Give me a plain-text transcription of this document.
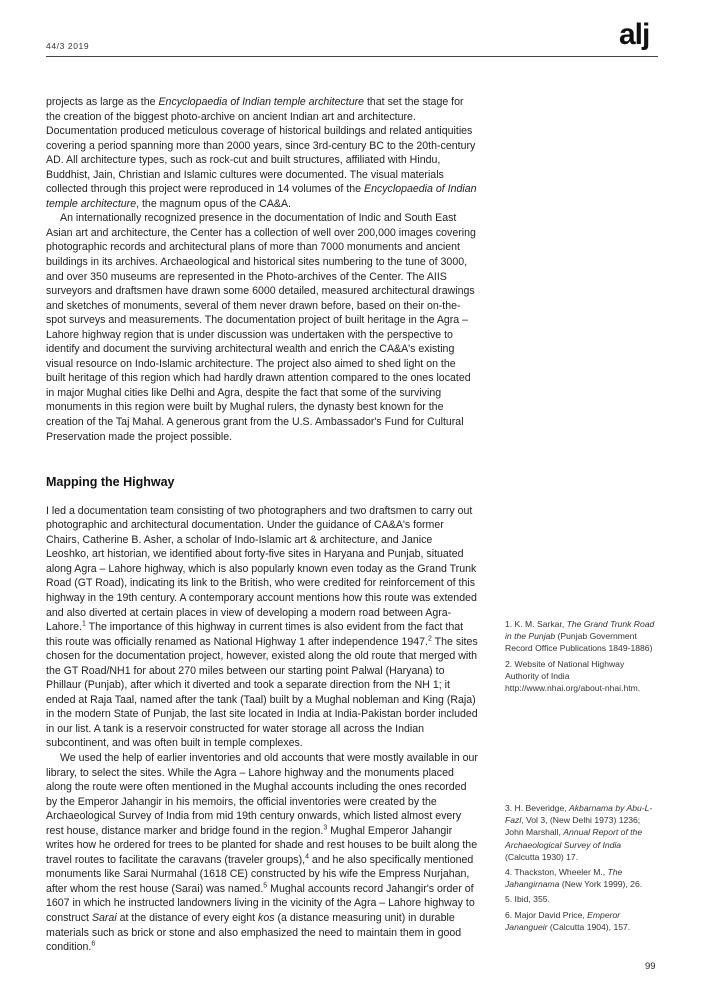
44/3 2019	alj

projects as large as the Encyclopaedia of Indian temple architecture that set the stage for the creation of the biggest photo-archive on ancient Indian art and architecture. Documentation produced meticulous coverage of historical buildings and related antiquities covering a period spanning more than 2000 years, since 3rd-century BC to the 20th-century AD. All architecture types, such as rock-cut and built structures, affiliated with Hindu, Buddhist, Jain, Christian and Islamic cultures were documented. The visual materials collected through this project were reproduced in 14 volumes of the Encyclopaedia of Indian temple architecture, the magnum opus of the CA&A.

An internationally recognized presence in the documentation of Indic and South East Asian art and architecture, the Center has a collection of well over 200,000 images covering photographic records and architectural plans of more than 7000 monuments and ancient buildings in its archives. Archaeological and historical sites numbering to the tune of 3000, and over 350 museums are represented in the Photo-archives of the Center. The AIIS surveyors and draftsmen have drawn some 6000 detailed, measured architectural drawings and sketches of monuments, several of them never drawn before, based on their on-the-spot surveys and measurements. The documentation project of built heritage in the Agra – Lahore highway region that is under discussion was undertaken with the perspective to identify and document the surviving architectural wealth and enrich the CA&A's existing visual resource on Indo-Islamic architecture. The project also aimed to shed light on the built heritage of this region which had hardly drawn attention compared to the ones located in major Mughal cities like Delhi and Agra, despite the fact that some of the surviving monuments in this region were built by Mughal rulers, the dynasty best known for the creation of the Taj Mahal. A generous grant from the U.S. Ambassador's Fund for Cultural Preservation made the project possible.

Mapping the Highway

I led a documentation team consisting of two photographers and two draftsmen to carry out photographic and architectural documentation. Under the guidance of CA&A's former Chairs, Catherine B. Asher, a scholar of Indo-Islamic art & architecture, and Janice Leoshko, art historian, we identified about forty-five sites in Haryana and Punjab, situated along Agra – Lahore highway, which is also popularly known even today as the Grand Trunk Road (GT Road), indicating its link to the British, who were credited for reinforcement of this highway in the 19th century. A contemporary account mentions how this route was extended and also diverted at certain places in view of developing a modern road between Agra-Lahore.$^1$ The importance of this highway in current times is also evident from the fact that this route was officially renamed as National Highway 1 after independence 1947.$^2$ The sites chosen for the documentation project, however, existed along the old route that merged with the GT Road/NH1 for about 270 miles between our starting point Palwal (Haryana) to Phillaur (Punjab), after which it diverted and took a separate direction from the NH 1; it ended at Raja Taal, named after the tank (Taal) built by a Mughal nobleman and King (Raja) in the modern State of Punjab, the last site located in India at India-Pakistan border included in our list. A tank is a reservoir constructed for water storage all across the Indian subcontinent, and was often built in temple complexes.

We used the help of earlier inventories and old accounts that were mostly available in our library, to select the sites. While the Agra – Lahore highway and the monuments placed along the route were often mentioned in the Mughal accounts including the ones recorded by the Emperor Jahangir in his memoirs, the official inventories were created by the Archaeological Survey of India from mid 19th century onwards, which listed almost every rest house, distance marker and bridge found in the region.$^3$ Mughal Emperor Jahangir writes how he ordered for trees to be planted for shade and rest houses to be built along the travel routes to facilitate the caravans (traveler groups),$^4$ and he also specifically mentioned monuments like Sarai Nurmahal (1618 CE) constructed by his wife the Empress Nurjahan, after whom the rest house (Sarai) was named.$^5$ Mughal accounts record Jahangir's order of 1607 in which he instructed landowners living in the vicinity of the Agra – Lahore highway to construct Sarai at the distance of every eight kos (a distance measuring unit) in durable materials such as brick or stone and also emphasized the need to maintain them in good condition.$^6$

1. K. M. Sarkar, The Grand Trunk Road in the Punjab (Punjab Government Record Office Publications 1849-1886)
2. Website of National Highway Authority of India http://www.nhai.org/about-nhai.htm.
3. H. Beveridge, Akbarnama by Abu-L-Fazl, Vol 3, (New Delhi 1973) 1236; John Marshall, Annual Report of the Archaeological Survey of India (Calcutta 1930) 17.
4. Thackston, Wheeler M., The Jahangirnama (New York 1999), 26.
5. Ibid, 355.
6. Major David Price, Emperor Janangueir (Calcutta 1904), 157.
99
